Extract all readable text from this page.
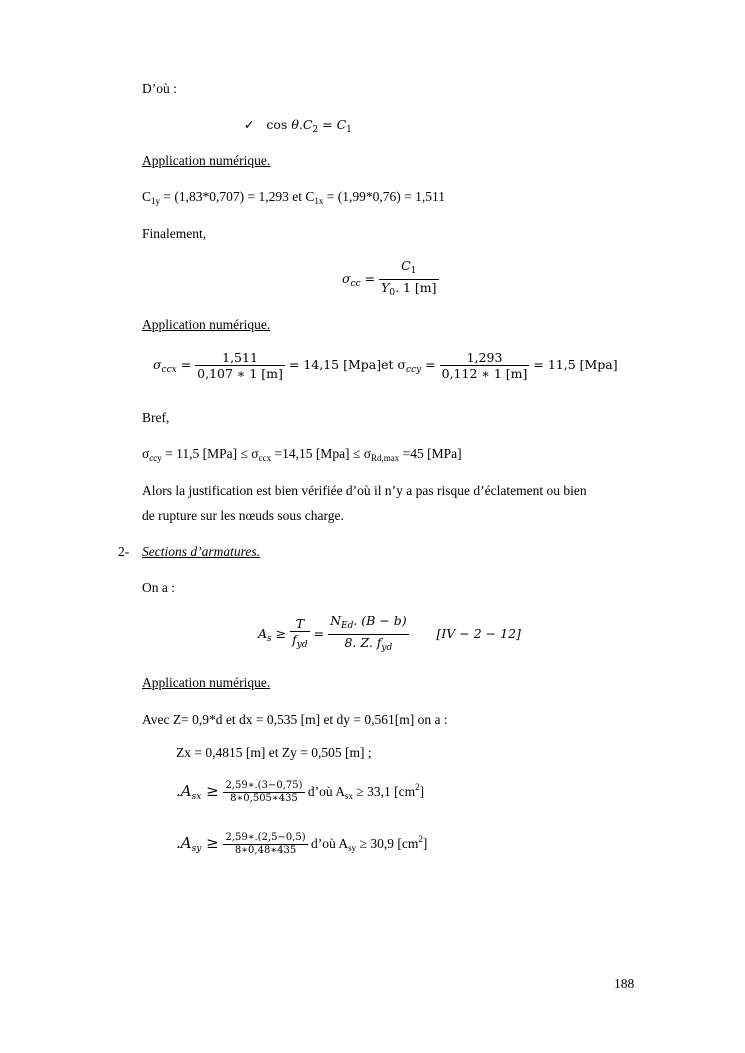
D’où :
✓ $\cos \theta.C_2 = C_1$
Application numérique.
$C_{1y} = (1,83*0,707) = 1,293$ et $C_{1x} = (1,99*0,76) = 1,511$
Finalement,
$\sigma_{cc} = \frac{C_1}{Y_0. 1 [m]}$
Application numérique.
$\sigma_{ccx} = \frac{1,511}{0,107 ∗ 1 [m]} = 14,15$ [Mpa]et $\sigma_{ccy} = \frac{1,293}{0,112 ∗ 1 [m]} = 11,5$ [Mpa]
Bref,
$\sigma_{ccy} = 11,5$ $[MPa] \le \sigma_{ccx} =14,15$ $[Mpa] \le \sigma_{Rd,max} =45$ [MPa]
Alors la justification est bien vérifiée d’où il n’y a pas risque d’éclatement ou bien
de rupture sur les nœuds sous charge.
2- Sections d’armatures.
On a :
$A_s \ge \frac{T}{f_{yd}} = \frac{N_{Ed}. (B - b)}{8. Z. f_{yd}} [IV - 2 - 12]$
Application numérique.
Avec Z= 0,9*d et dx = 0,535 [m] et dy = 0,561[m] on a :
Zx = 0,4815 [m] et Zy = 0,505 [m] ;
$.A_{sx} \ge \frac{2,59∗.(3-0,75)}{8∗0,505∗435}$ d’où $A_{sx} \ge 33,1$ $[cm^2]$
$.A_{sy} \ge \frac{2,59∗.(2,5-0,5)}{8∗0,48∗435}$ d’où $A_{sy} \ge 30,9$ $[cm^2]$
188
